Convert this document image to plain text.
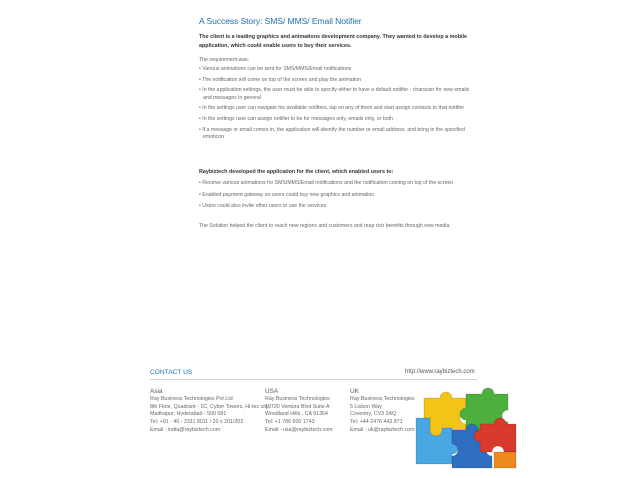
A Success Story: SMS/ MMS/ Email Notifier
The client is a leading graphics and animations development company. They wanted to develop a mobile application, which could enable users to buy their services.
The requirement was:
• Various animations can be sent for SMS/MMS/Email notifications
• The notification will come on top of the screen and play the animation
• In the application settings, the user must be able to specify either to have a default notifier - character for new emails and messages in general
• In the settings user can navigate his available notifiers, tap on any of them and start assign contacts to that notifier
• In the settings user can assign notifier to be for messages only, emails only, or both
• If a message or email comes in, the application will identify the number or email address, and bring in the specified emoticon
Raybiztech developed the application for the client, which enabled users to:
• Receive various animations for SMS/MMS/Email notifications and the notification coming on top of the screen
• Enabled payment gateway so users could buy new graphics and animation
• Users could also invite other users to use the services
The Solution helped the client to reach new regions and customers and reap rich benefits through new media.
CONTACT US	http://www.raybiztech.com
Asia
Ray Business Technologies Pvt Ltd
8th Floor, Quadrant - 1C, Cyber Towers, Hi-tec city,
Madhapur, Hyderabad - 500 081
Tel: +91 - 40 - 2311 8011 / 20 x 201/202
Email - india@raybiztech.com
USA
Ray Business Technologies
19720 Ventura Blvd Suite A
Woodland Hills , CA 91364
Tel: +1 786 600 1743
Email - usa@raybiztech.com
UK
Ray Business Technologies
5 Lisbon Way
Coventry, CV3 2AQ
Tel: +44 2476 443 871
Email - uk@raybiztech.com
